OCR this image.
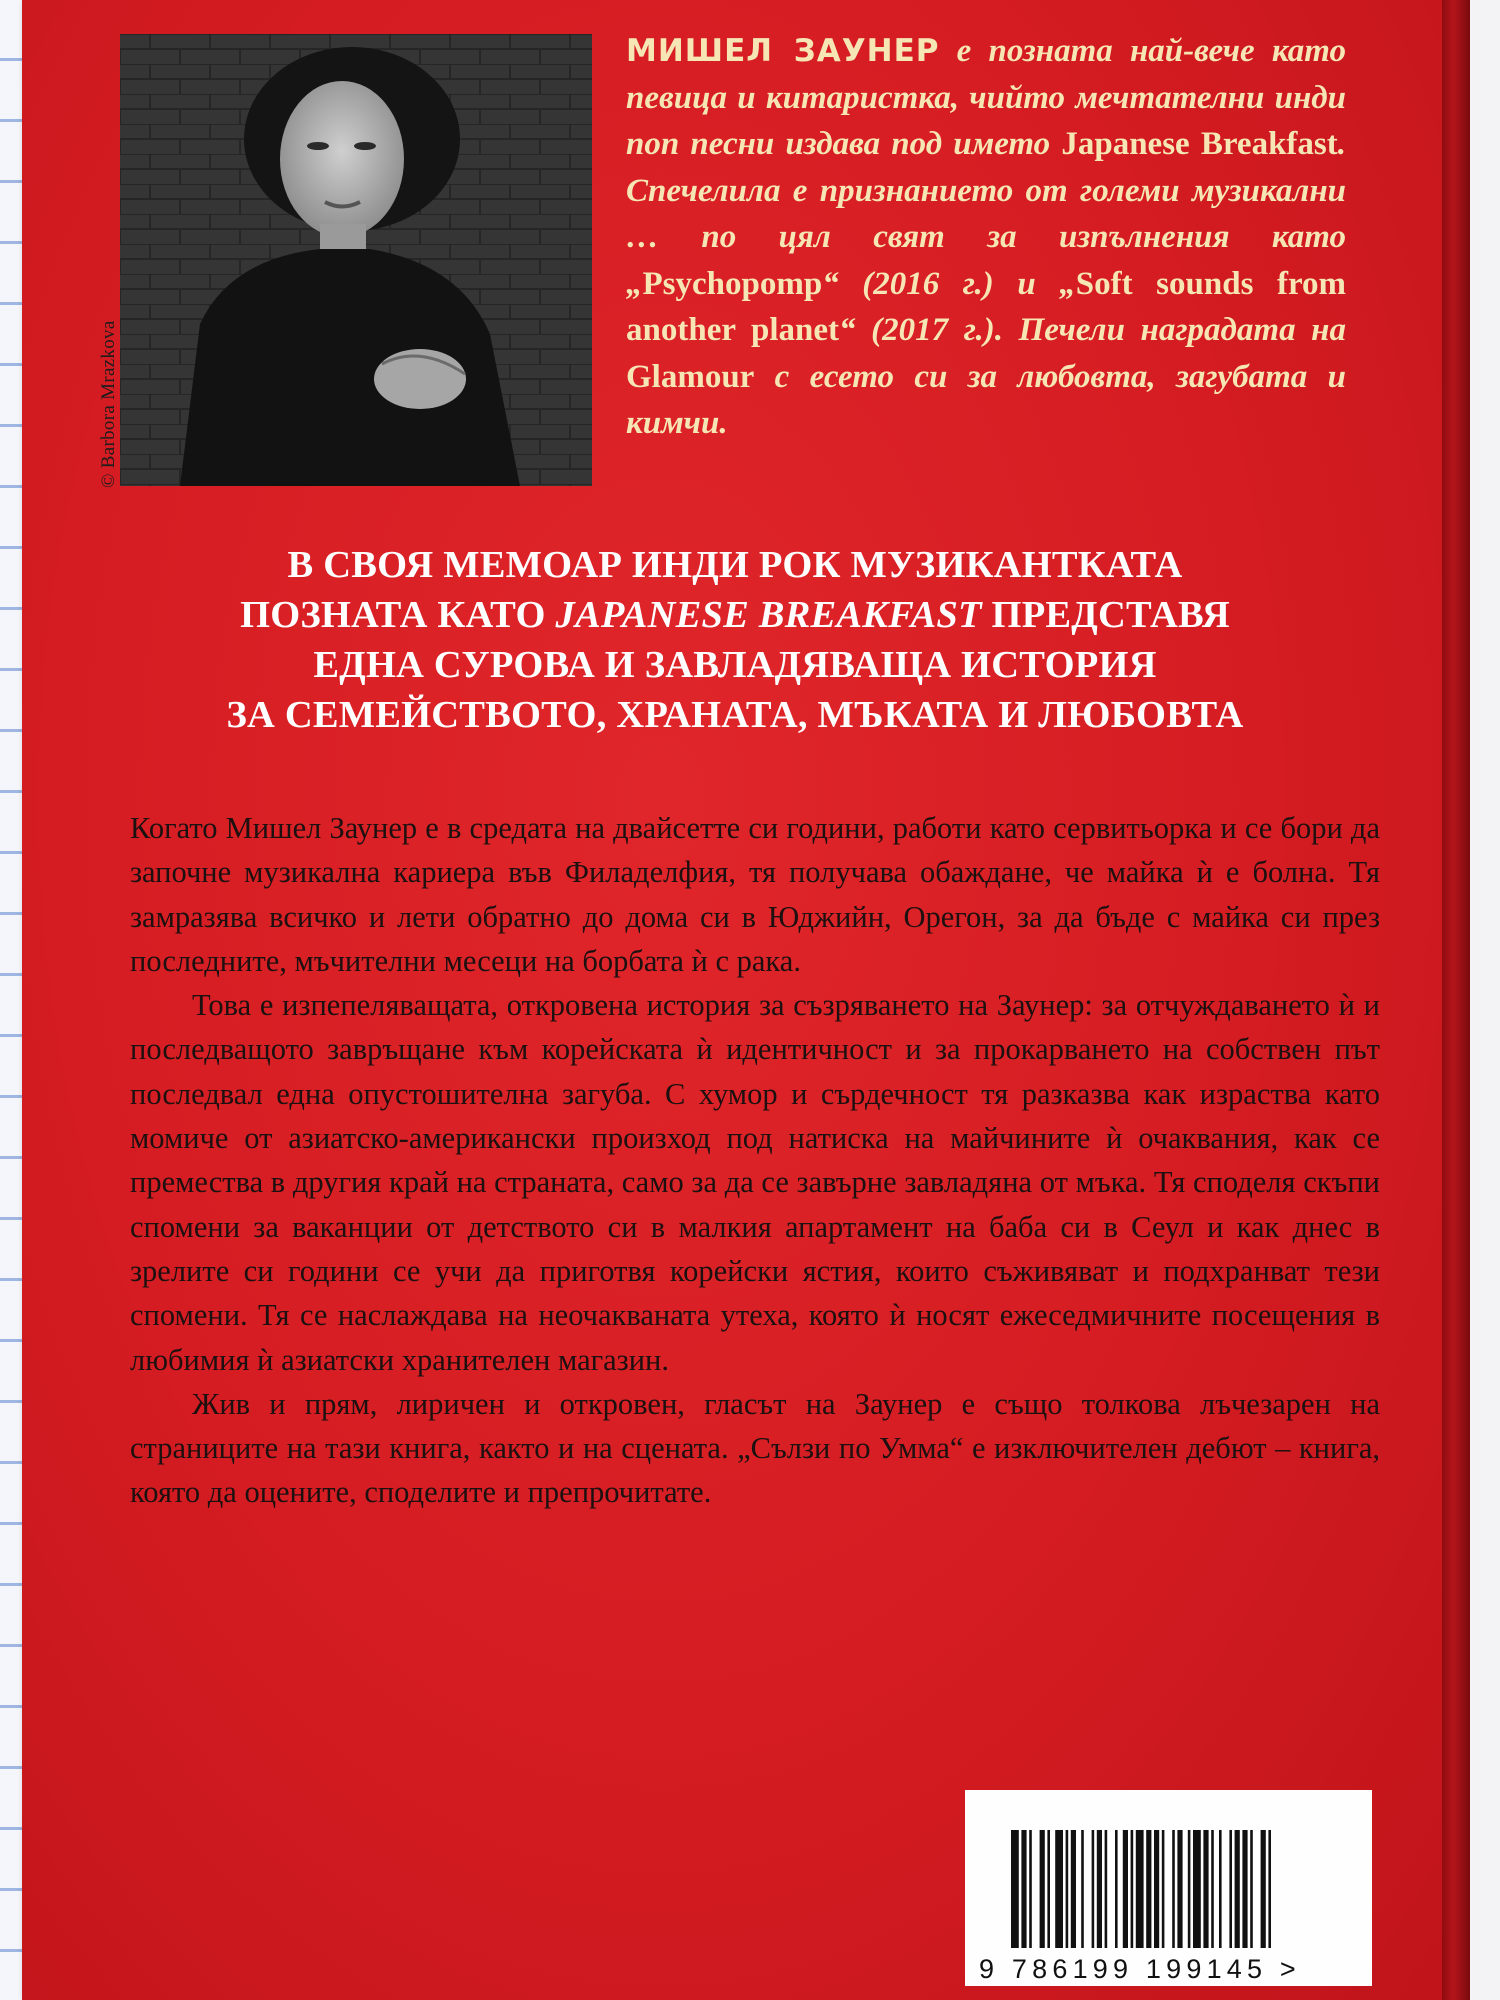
© Barbora Mrazkova

МИШЕЛ ЗАУНЕР е позната най-вече като певица и китаристка, чийто мечтателни инди поп песни издава под името Japanese Breakfast. Спечелила е признанието от големи музикални … по цял свят за изпълнения като „Psychopomp“ (2016 г.) и „Soft sounds from another planet“ (2017 г.). Печели наградата на Glamour с есето си за любовта, загубата и кимчи.

В СВОЯ МЕМОАР ИНДИ РОК МУЗИКАНТКАТА
ПОЗНАТА КАТО JAPANESE BREAKFAST ПРЕДСТАВЯ
ЕДНА СУРОВА И ЗАВЛАДЯВАЩА ИСТОРИЯ
ЗА СЕМЕЙСТВОТО, ХРАНАТА, МЪКАТА И ЛЮБОВТА

Когато Мишел Заунер е в средата на двайсетте си години, работи като сервитьорка и се бори да започне музикална кариера във Филаделфия, тя получава обаждане, че майка ѝ е болна. Тя замразява всичко и лети обратно до дома си в Юджийн, Орегон, за да бъде с майка си през последните, мъчителни месеци на борбата ѝ с рака.

Това е изпепеляващата, откровена история за съзряването на Заунер: за отчуждаването ѝ и последващото завръщане към корейската ѝ идентичност и за прокарването на собствен път последвал една опустошителна загуба. С хумор и сърдечност тя разказва как израства като момиче от азиатско-американски произход под натиска на майчините ѝ очаквания, как се премества в другия край на страната, само за да се завърне завладяна от мъка. Тя споделя скъпи спомени за ваканции от детството си в малкия апартамент на баба си в Сеул и как днес в зрелите си години се учи да приготвя корейски ястия, които съживяват и подхранват тези спомени. Тя се наслаждава на неочакваната утеха, която ѝ носят ежеседмичните посещения в любимия ѝ азиатски хранителен магазин.

Жив и прям, лиричен и откровен, гласът на Заунер е също толкова лъчезарен на страниците на тази книга, както и на сцената. „Сълзи по Умма“ е изключителен дебют – книга, която да оцените, споделите и препрочитате.

9 786199 199145 >
